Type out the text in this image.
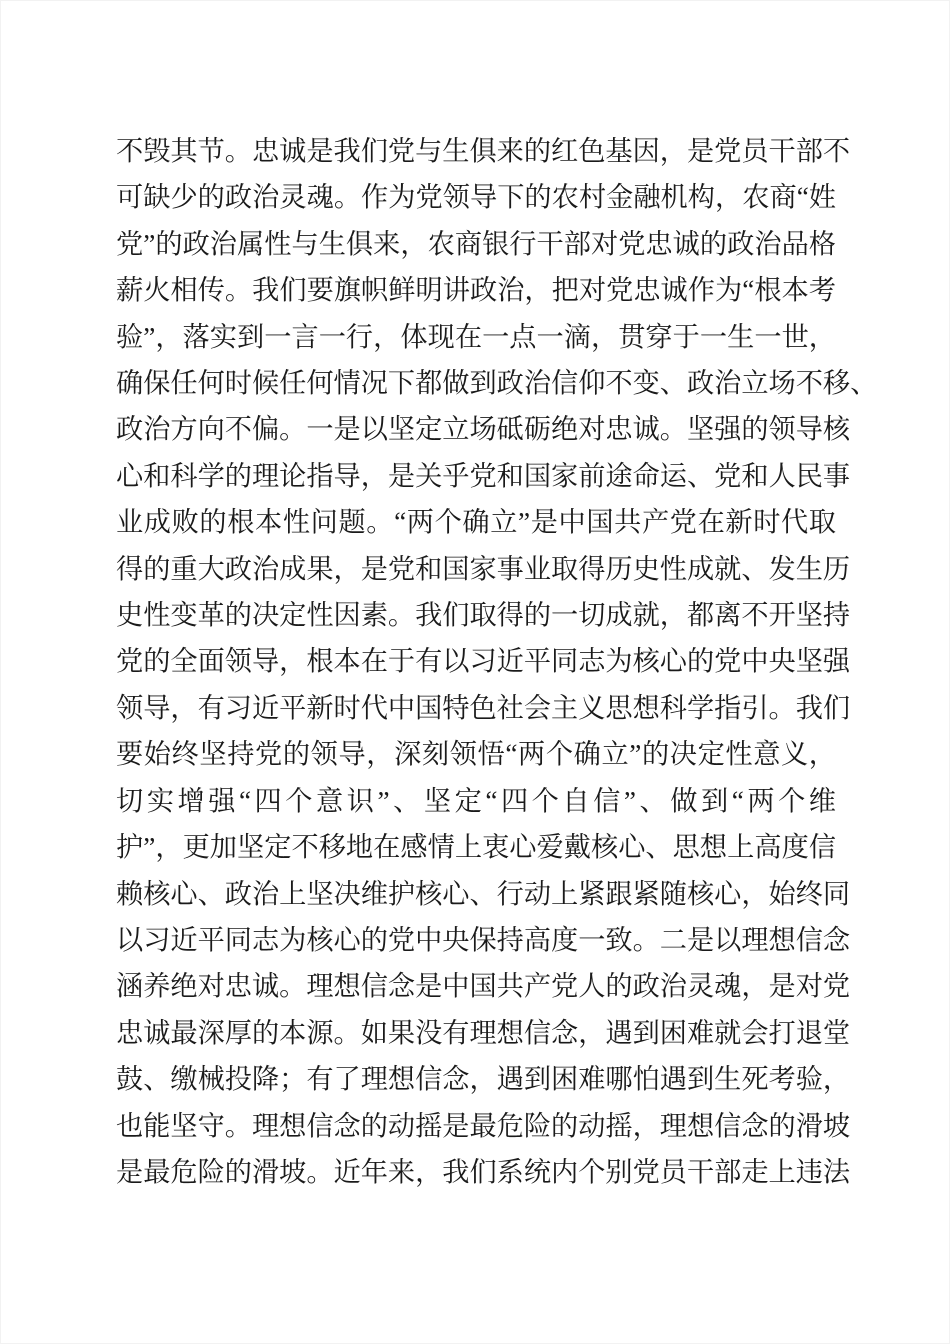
不毁其节。忠诚是我们党与生俱来的红色基因，是党员干部不
可缺少的政治灵魂。作为党领导下的农村金融机构，农商“姓
党”的政治属性与生俱来，农商银行干部对党忠诚的政治品格
薪火相传。我们要旗帜鲜明讲政治，把对党忠诚作为“根本考
验”，落实到一言一行，体现在一点一滴，贯穿于一生一世，
确保任何时候任何情况下都做到政治信仰不变、政治立场不移、
政治方向不偏。一是以坚定立场砥砺绝对忠诚。坚强的领导核
心和科学的理论指导，是关乎党和国家前途命运、党和人民事
业成败的根本性问题。“两个确立”是中国共产党在新时代取
得的重大政治成果，是党和国家事业取得历史性成就、发生历
史性变革的决定性因素。我们取得的一切成就，都离不开坚持
党的全面领导，根本在于有以习近平同志为核心的党中央坚强
领导，有习近平新时代中国特色社会主义思想科学指引。我们
要始终坚持党的领导，深刻领悟“两个确立”的决定性意义，
切实增强“四个意识”、坚定“四个自信”、做到“两个维
护”，更加坚定不移地在感情上衷心爱戴核心、思想上高度信
赖核心、政治上坚决维护核心、行动上紧跟紧随核心，始终同
以习近平同志为核心的党中央保持高度一致。二是以理想信念
涵养绝对忠诚。理想信念是中国共产党人的政治灵魂，是对党
忠诚最深厚的本源。如果没有理想信念，遇到困难就会打退堂
鼓、缴械投降；有了理想信念，遇到困难哪怕遇到生死考验，
也能坚守。理想信念的动摇是最危险的动摇，理想信念的滑坡
是最危险的滑坡。近年来，我们系统内个别党员干部走上违法
